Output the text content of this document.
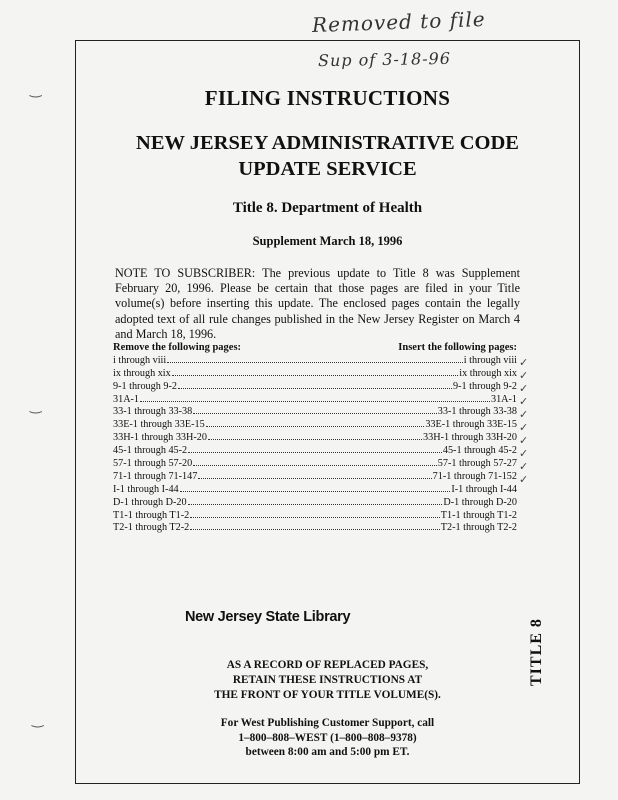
Removed to file
Sup of 3-18-96
FILING INSTRUCTIONS
NEW JERSEY ADMINISTRATIVE CODE
UPDATE SERVICE
Title 8. Department of Health
Supplement March 18, 1996

NOTE TO SUBSCRIBER: The previous update to Title 8 was Supplement February 20, 1996. Please be certain that those pages are filed in your Title volume(s) before inserting this update. The enclosed pages contain the legally adopted text of all rule changes published in the New Jersey Register on March 4 and March 18, 1996.

Remove the following pages:	Insert the following pages:
i through viii	i through viii
ix through xix	ix through xix
9-1 through 9-2	9-1 through 9-2
31A-1	31A-1
33-1 through 33-38	33-1 through 33-38
33E-1 through 33E-15	33E-1 through 33E-15
33H-1 through 33H-20	33H-1 through 33H-20
45-1 through 45-2	45-1 through 45-2
57-1 through 57-20	57-1 through 57-27
71-1 through 71-147	71-1 through 71-152
I-1 through I-44	I-1 through I-44
D-1 through D-20	D-1 through D-20
T1-1 through T1-2	T1-1 through T1-2
T2-1 through T2-2	T2-1 through T2-2
✓
✓
✓
✓
✓
✓
✓
✓
✓
✓
New Jersey State Library
AS A RECORD OF REPLACED PAGES,
RETAIN THESE INSTRUCTIONS AT
THE FRONT OF YOUR TITLE VOLUME(S).
For West Publishing Customer Support, call
1–800–808–WEST (1–800–808–9378)
between 8:00 am and 5:00 pm ET.
TITLE 8
‿
‿
‿
